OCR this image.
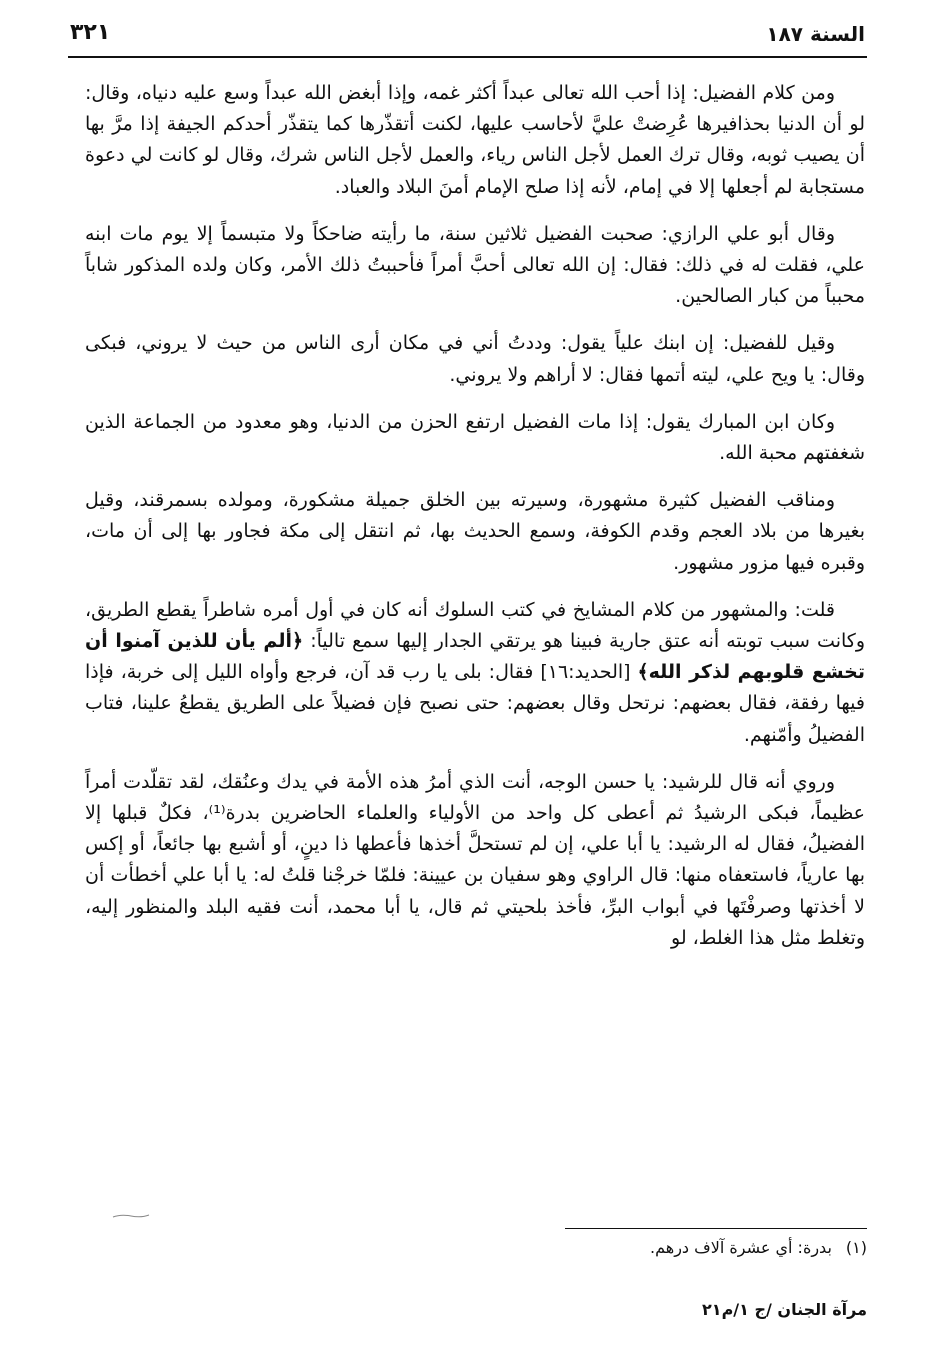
السنة ١٨٧
٣٢١

ومن كلام الفضيل: إذا أحب الله تعالى عبداً أكثر غمه، وإذا أبغض الله عبداً وسع عليه دنياه، وقال: لو أن الدنيا بحذافيرها عُرِضتْ عليَّ لأحاسب عليها، لكنت أتقذّرها كما يتقذّر أحدكم الجيفة إذا مرَّ بها أن يصيب ثوبه، وقال ترك العمل لأجل الناس رياء، والعمل لأجل الناس شرك، وقال لو كانت لي دعوة مستجابة لم أجعلها إلا في إمام، لأنه إذا صلح الإمام أمنَ البلاد والعباد.

وقال أبو علي الرازي: صحبت الفضيل ثلاثين سنة، ما رأيته ضاحكاً ولا متبسماً إلا يوم مات ابنه علي، فقلت له في ذلك: فقال: إن الله تعالى أحبَّ أمراً فأحببتُ ذلك الأمر، وكان ولده المذكور شاباً محبباً من كبار الصالحين.

وقيل للفضيل: إن ابنك علياً يقول: وددتُ أني في مكان أرى الناس من حيث لا يروني، فبكى وقال: يا ويح علي، ليته أتمها فقال: لا أراهم ولا يروني.

وكان ابن المبارك يقول: إذا مات الفضيل ارتفع الحزن من الدنيا، وهو معدود من الجماعة الذين شغفتهم محبة الله.

ومناقب الفضيل كثيرة مشهورة، وسيرته بين الخلق جميلة مشكورة، ومولده بسمرقند، وقيل بغيرها من بلاد العجم وقدم الكوفة، وسمع الحديث بها، ثم انتقل إلى مكة فجاور بها إلى أن مات، وقبره فيها مزور مشهور.

قلت: والمشهور من كلام المشايخ في كتب السلوك أنه كان في أول أمره شاطراً يقطع الطريق، وكانت سبب توبته أنه عتق جارية فبينا هو يرتقي الجدار إليها سمع تالياً: ﴿ألم يأن للذين آمنوا أن تخشع قلوبهم لذكر الله﴾ [الحديد:١٦] فقال: بلى يا رب قد آن، فرجع وأواه الليل إلى خربة، فإذا فيها رفقة، فقال بعضهم: نرتحل وقال بعضهم: حتى نصبح فإن فضيلاً على الطريق يقطعُ علينا، فتاب الفضيلُ وأمّنهم.

وروي أنه قال للرشيد: يا حسن الوجه، أنت الذي أمرُ هذه الأمة في يدك وعنُقك، لقد تقلّدت أمراً عظيماً، فبكى الرشيدُ ثم أعطى كل واحد من الأولياء والعلماء الحاضرين بدرة⁽¹⁾، فكلٌ قبلها إلا الفضيلُ، فقال له الرشيد: يا أبا علي، إن لم تستحلَّ أخذها فأعطها ذا دينٍ، أو أشبع بها جائعاً، أو إكس بها عارياً، فاستعفاه منها: قال الراوي وهو سفيان بن عيينة: فلمّا خرجْنا قلتُ له: يا أبا علي أخطأت أن لا أخذتها وصرفْتَها في أبواب البرِّ، فأخذ بلحيتي ثم قال، يا أبا محمد، أنت فقيه البلد والمنظور إليه، وتغلط مثل هذا الغلط، لو

(١)بدرة: أي عشرة آلاف درهم.
مرآة الجنان /ج ١/م٢١
